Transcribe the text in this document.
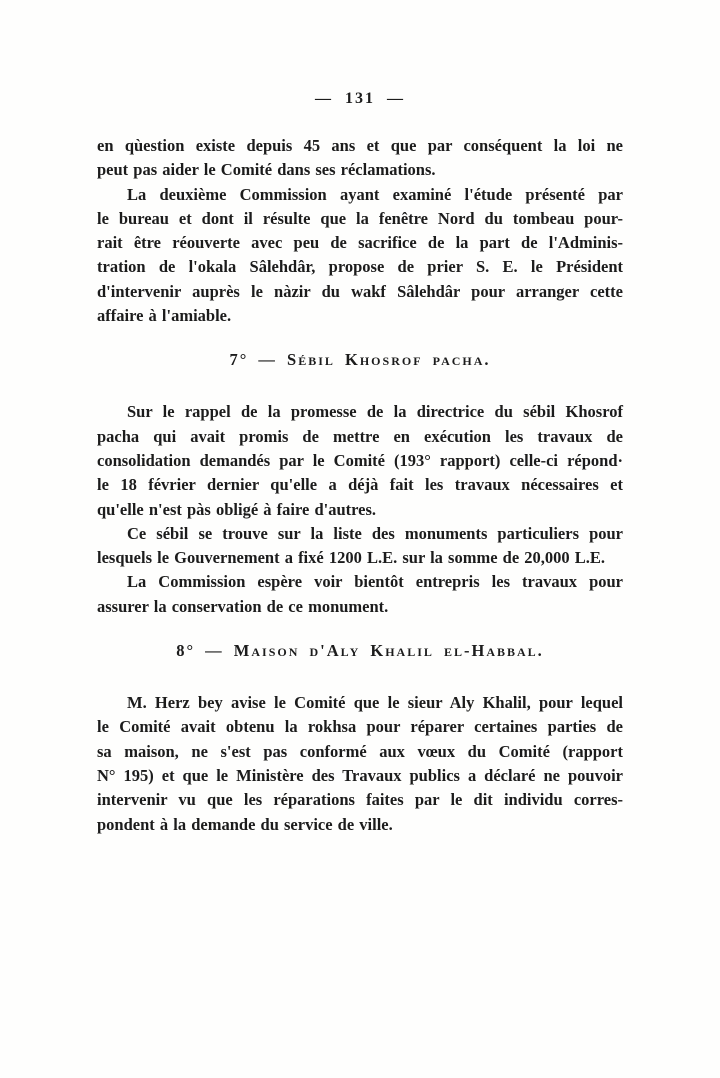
— 131 —
en qùestion existe depuis 45 ans et que par conséquent la loi ne
peut pas aider le Comité dans ses réclamations.
La deuxième Commission ayant examiné l'étude présenté par
le bureau et dont il résulte que la fenêtre Nord du tombeau pour-
rait être réouverte avec peu de sacrifice de la part de l'Adminis-
tration de l'okala Sâlehdâr, propose de prier S. E. le Président
d'intervenir auprès le nàzir du wakf Sâlehdâr pour arranger cette
affaire à l'amiable.
7° — Sébil Khosrof pacha.
Sur le rappel de la promesse de la directrice du sébil Khosrof
pacha qui avait promis de mettre en exécution les travaux de
consolidation demandés par le Comité (193° rapport) celle-ci répond·
le 18 février dernier qu'elle a déjà fait les travaux nécessaires et
qu'elle n'est pàs obligé à faire d'autres.
Ce sébil se trouve sur la liste des monuments particuliers pour
lesquels le Gouvernement a fixé 1200 L.E. sur la somme de 20,000 L.E.
La Commission espère voir bientôt entrepris les travaux pour
assurer la conservation de ce monument.
8° — Maison d'Aly Khalil el-Habbal.
M. Herz bey avise le Comité que le sieur Aly Khalil, pour lequel
le Comité avait obtenu la rokhsa pour réparer certaines parties de
sa maison, ne s'est pas conformé aux vœux du Comité (rapport
N° 195) et que le Ministère des Travaux publics a déclaré ne pouvoir
intervenir vu que les réparations faites par le dit individu corres-
pondent à la demande du service de ville.
